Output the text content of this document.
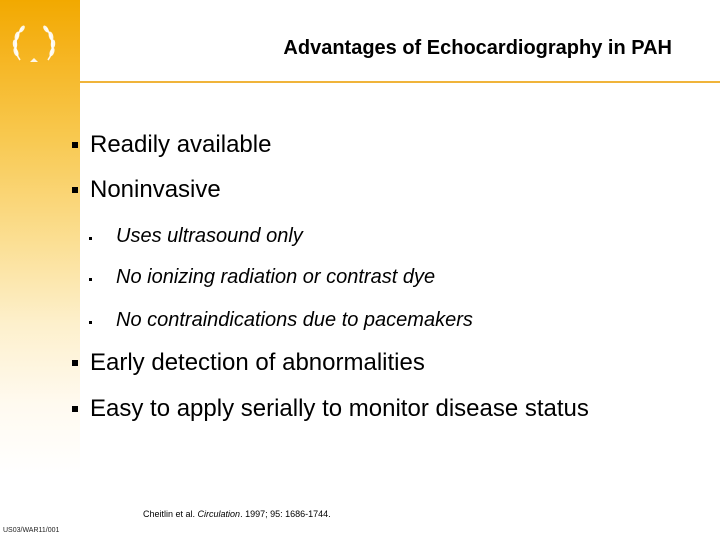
US03/WAR11/001
Advantages of Echocardiography in PAH
Readily available
Noninvasive
Uses ultrasound only
No ionizing radiation or contrast dye
No contraindications due to pacemakers
Early detection of abnormalities
Easy to apply serially to monitor disease status
Cheitlin et al. Circulation. 1997; 95: 1686-1744.
